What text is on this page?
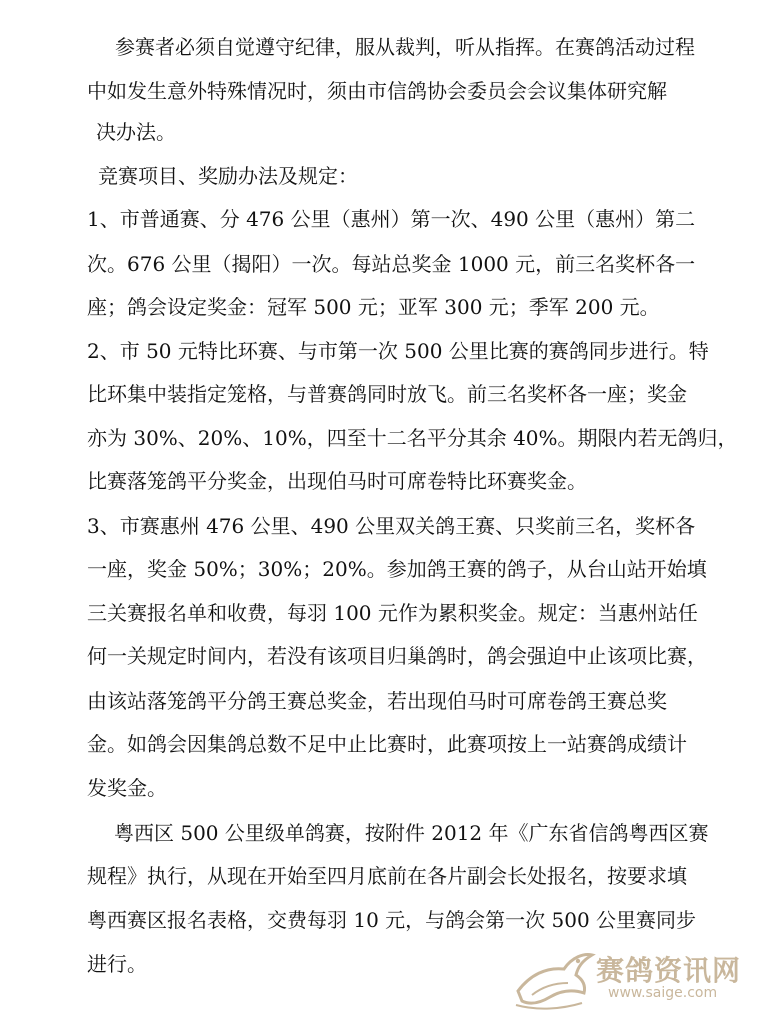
参赛者必须自觉遵守纪律，服从裁判，听从指挥。在赛鸽活动过程
中如发生意外特殊情况时，须由市信鸽协会委员会会议集体研究解
决办法。
竞赛项目、奖励办法及规定：
1、市普通赛、分 476 公里（惠州）第一次、490 公里（惠州）第二
次。676 公里（揭阳）一次。每站总奖金 1000 元，前三名奖杯各一
座；鸽会设定奖金：冠军 500 元；亚军 300 元；季军 200 元。
2、市 50 元特比环赛、与市第一次 500 公里比赛的赛鸽同步进行。特
比环集中装指定笼格，与普赛鸽同时放飞。前三名奖杯各一座；奖金
亦为 30%、20%、10%，四至十二名平分其余 40%。期限内若无鸽归，
比赛落笼鸽平分奖金，出现伯马时可席卷特比环赛奖金。
3、市赛惠州 476 公里、490 公里双关鸽王赛、只奖前三名，奖杯各
一座，奖金 50%；30%；20%。参加鸽王赛的鸽子，从台山站开始填
三关赛报名单和收费，每羽 100 元作为累积奖金。规定：当惠州站任
何一关规定时间内，若没有该项目归巢鸽时，鸽会强迫中止该项比赛，
由该站落笼鸽平分鸽王赛总奖金，若出现伯马时可席卷鸽王赛总奖
金。如鸽会因集鸽总数不足中止比赛时，此赛项按上一站赛鸽成绩计
发奖金。
粤西区 500 公里级单鸽赛，按附件 2012 年《广东省信鸽粤西区赛
规程》执行，从现在开始至四月底前在各片副会长处报名，按要求填
粤西赛区报名表格，交费每羽 10 元，与鸽会第一次 500 公里赛同步
进行。	赛鸽资讯网
www.saige.com
